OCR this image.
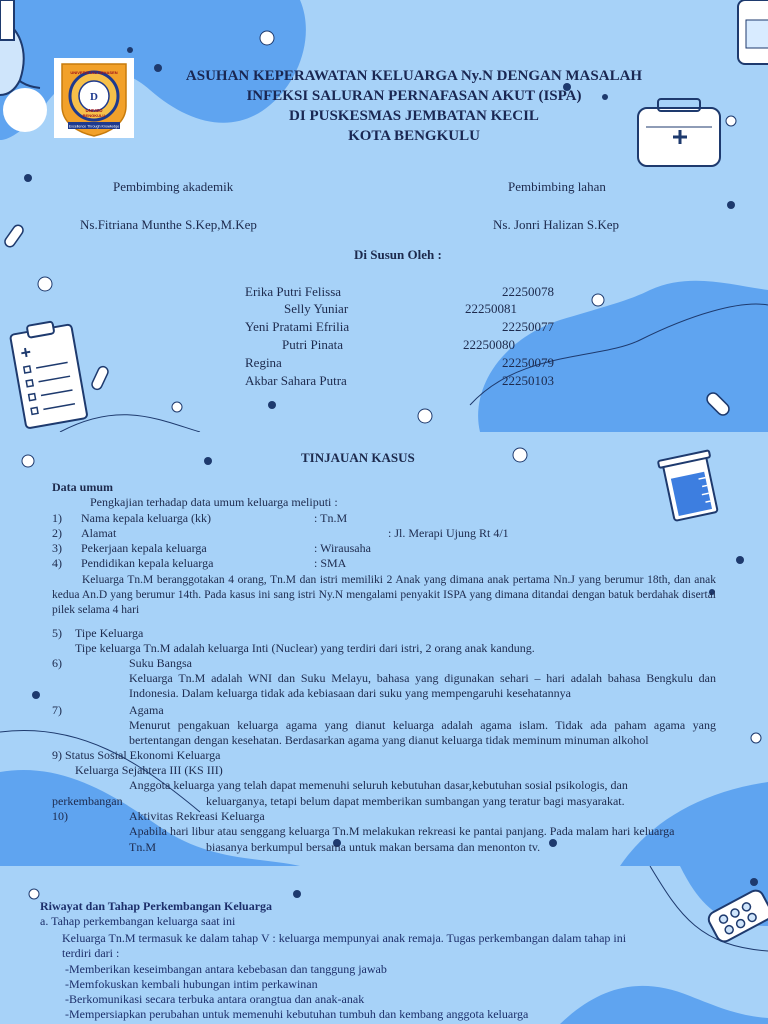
D
UNIVERSITAS DEHASEN
UNIVED
BENGKULU
Excellence Through Knowledge
ASUHAN KEPERAWATAN KELUARGA Ny.N DENGAN MASALAH
INFEKSI SALURAN PERNAFASAN AKUT (ISPA)
DI PUSKESMAS JEMBATAN KECIL
KOTA BENGKULU
Pembimbing akademik	Pembimbing lahan
Ns.Fitriana Munthe S.Kep,M.Kep	Ns. Jonri Halizan S.Kep
Di Susun Oleh :
Erika Putri Felissa	22250078
Selly Yuniar	22250081
Yeni Pratami Efrilia	22250077
Putri Pinata	22250080
Regina	22250079
Akbar Sahara Putra	22250103
TINJAUAN KASUS
Data umum
Pengkajian terhadap data umum keluarga meliputi :
1) Nama kepala keluarga (kk)	: Tn.M
2) Alamat	: Jl. Merapi Ujung Rt 4/1
3) Pekerjaan kepala keluarga	: Wirausaha
4) Pendidikan kepala keluarga	: SMA
Keluarga Tn.M beranggotakan 4 orang, Tn.M dan istri memiliki 2 Anak yang dimana anak pertama Nn.J yang berumur 18th, dan anak kedua An.D yang berumur 14th. Pada kasus ini sang istri Ny.N mengalami penyakit ISPA yang dimana ditandai dengan batuk berdahak disertai pilek selama 4 hari
5) Tipe Keluarga
Tipe keluarga Tn.M adalah keluarga Inti (Nuclear) yang terdiri dari istri, 2 orang anak kandung.
6)	Suku Bangsa
Keluarga Tn.M adalah WNI dan Suku Melayu, bahasa yang digunakan sehari – hari adalah bahasa Bengkulu dan Indonesia. Dalam keluarga tidak ada kebiasaan dari suku yang mempengaruhi kesehatannya
7)	Agama
Menurut pengakuan keluarga agama yang dianut keluarga adalah agama islam. Tidak ada paham agama yang bertentangan dengan kesehatan. Berdasarkan agama yang dianut keluarga tidak meminum minuman alkohol
9) Status Sosial Ekonomi Keluarga
Keluarga Sejahtera III (KS III)
Anggota keluarga yang telah dapat memenuhi seluruh kebutuhan dasar,kebutuhan sosial psikologis, dan
perkembangan	keluarganya, tetapi belum dapat memberikan sumbangan yang teratur bagi masyarakat.
10)	Aktivitas Rekreasi Keluarga
Apabila hari libur atau senggang keluarga Tn.M melakukan rekreasi ke pantai panjang. Pada malam hari keluarga
Tn.M	biasanya berkumpul bersama untuk makan bersama dan menonton tv.
Riwayat dan Tahap Perkembangan Keluarga
a. Tahap perkembangan keluarga saat ini
Keluarga Tn.M termasuk ke dalam tahap V : keluarga mempunyai anak remaja. Tugas perkembangan dalam tahap ini
terdiri dari :
-Memberikan keseimbangan antara kebebasan dan tanggung jawab
-Memfokuskan kembali hubungan intim perkawinan
-Berkomunikasi secara terbuka antara orangtua dan anak-anak
-Mempersiapkan perubahan untuk memenuhi kebutuhan tumbuh dan kembang anggota keluarga
